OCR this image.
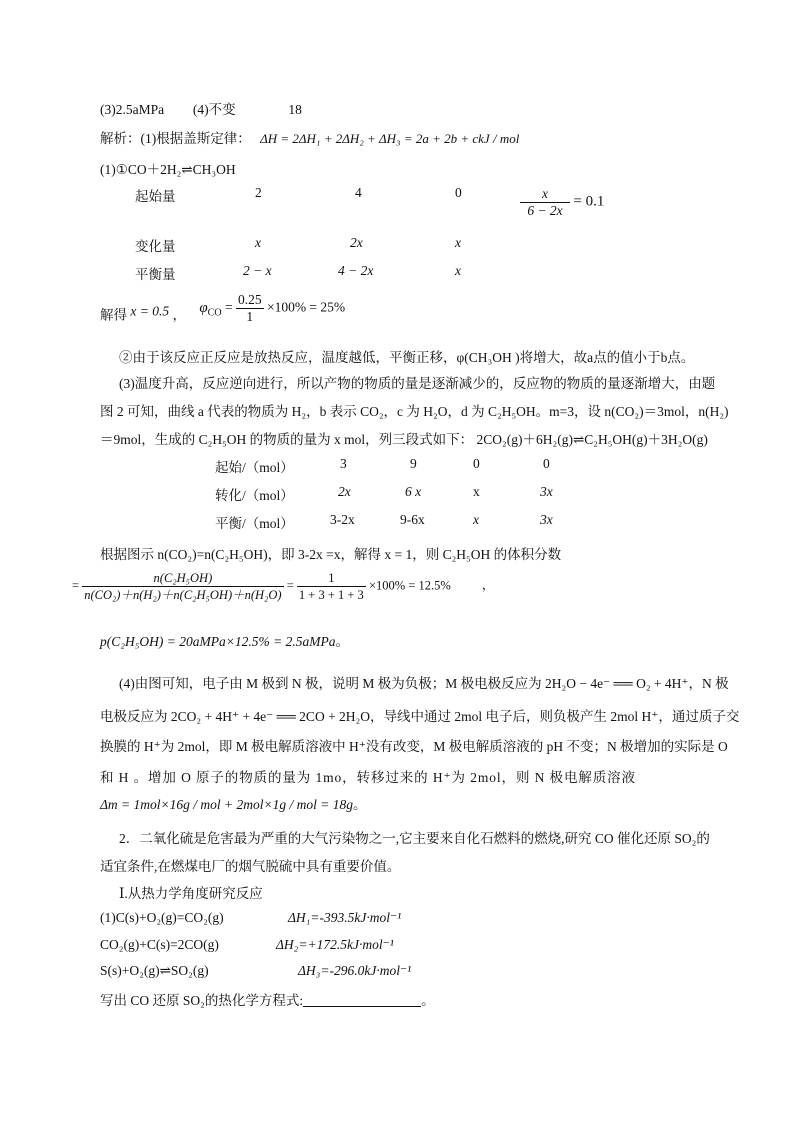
(3)2.5aMPa (4)不变	18
解析：(1)根据盖斯定律： ΔH = 2ΔH₁ + 2ΔH₂ + ΔH₃ = 2a + 2b + ckJ / mol
(1)①CO＋2H₂⇌CH₃OH
起始量	2	4	0
变化量	x	2x	x
平衡量	2 − x	4 − 2x	x
$\frac{x}{6 - 2x} = 0.1$
解得 x = 0.5 ， $\varphi_{CO} = \frac{0.25}{1} \times 100\% = 25\%$
②由于该反应正反应是放热反应，温度越低，平衡正移，φ(CH₃OH )将增大，故a点的值小于b点。
(3)温度升高，反应逆向进行，所以产物的物质的量是逐渐减少的，反应物的物质的量逐渐增大，由题
图 2 可知，曲线 a 代表的物质为 H₂，b 表示 CO₂，c 为 H₂O，d 为 C₂H₅OH。m=3，设 n(CO₂)＝3mol，n(H₂)
＝9mol，生成的 C₂H₅OH 的物质的量为 x mol，列三段式如下： 2CO₂(g)＋6H₂(g)⇌C₂H₅OH(g)＋3H₂O(g)
起始/（mol）	3	9	0	0
转化/（mol）	2x	6 x	x	3x
平衡/（mol）	3-2x	9-6x	x	3x
根据图示 n(CO₂)=n(C₂H₅OH)，即 3-2x =x，解得 x = 1，则 C₂H₅OH 的体积分数
= $\frac{\text{n(C₂H₅OH)}}{\text{n(CO₂)＋n(H₂)＋n(C₂H₅OH)＋n(H₂O)}} = \frac{1}{1 + 3 + 1 + 3} \times 100\% = 12.5\%$ ，
p(C₂H₅OH) = 20aMPa×12.5% = 2.5aMPa。
(4)由图可知，电子由 M 极到 N 极，说明 M 极为负极；M 极电极反应为 2H₂O − 4e⁻ ══ O₂ + 4H⁺，N 极
电极反应为 2CO₂ + 4H⁺ + 4e⁻ ══ 2CO + 2H₂O，导线中通过 2mol 电子后，则负极产生 2mol H⁺，通过质子交
换膜的 H⁺为 2mol，即 M 极电解质溶液中 H⁺没有改变，M 极电解质溶液的 pH 不变；N 极增加的实际是 O
和 H 。增加 O 原子的物质的量为 1mo，转移过来的 H⁺为 2mol，则 N 极电解质溶液
Δm = 1mol×16g / mol + 2mol×1g / mol = 18g。
2．二氧化硫是危害最为严重的大气污染物之一,它主要来自化石燃料的燃烧,研究 CO 催化还原 SO₂的
适宜条件,在燃煤电厂的烟气脱硫中具有重要价值。
Ⅰ.从热力学角度研究反应
(1)C(s)+O₂(g)=CO₂(g)	ΔH₁=-393.5kJ·mol⁻¹
CO₂(g)+C(s)=2CO(g)	ΔH₂=+172.5kJ·mol⁻¹
S(s)+O₂(g)⇌SO₂(g)	ΔH₃=-296.0kJ·mol⁻¹
写出 CO 还原 SO₂的热化学方程式:	。
